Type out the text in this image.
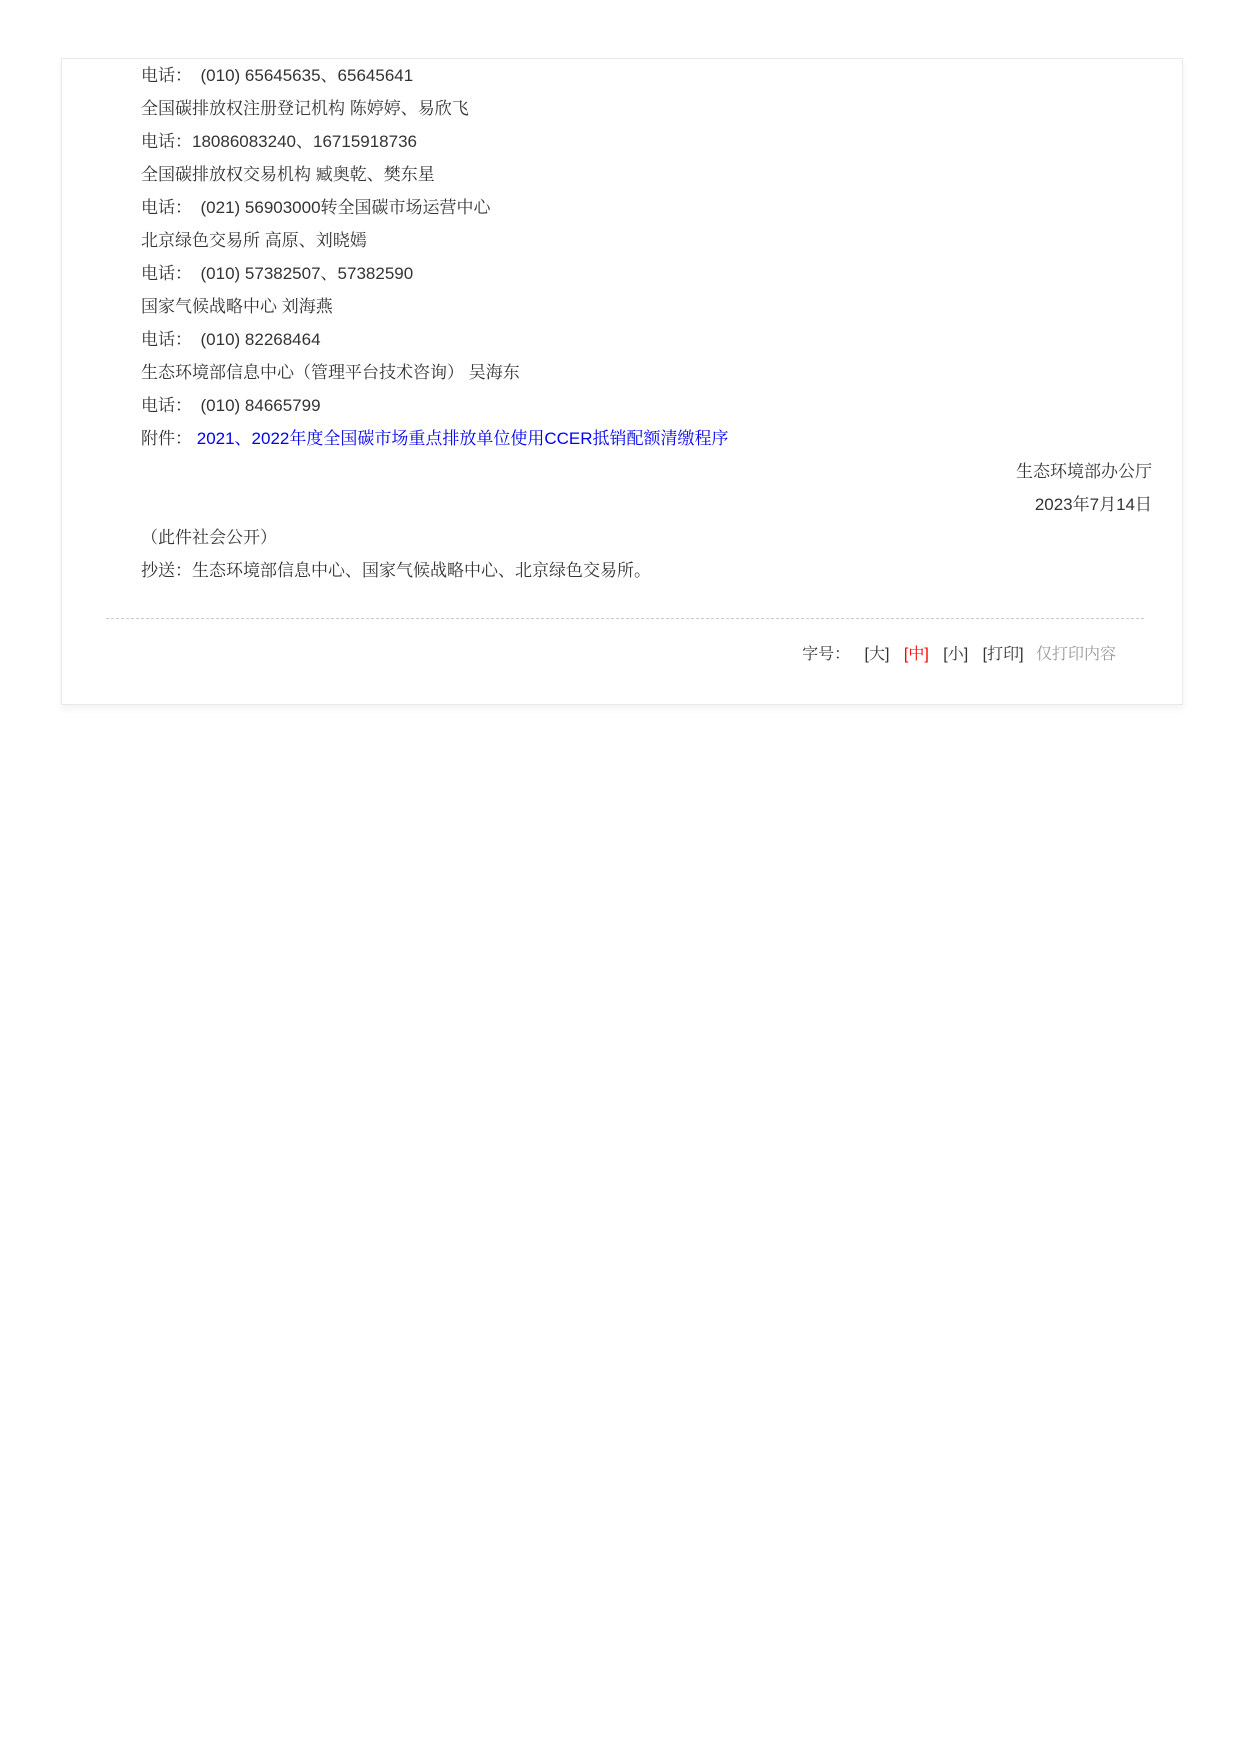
电话：　(010) 65645635、65645641

全国碳排放权注册登记机构 陈婷婷、易欣飞

电话：18086083240、16715918736

全国碳排放权交易机构 臧奥乾、樊东星

电话：　(021) 56903000转全国碳市场运营中心

北京绿色交易所 高原、刘晓嫣

电话：　(010) 57382507、57382590

国家气候战略中心 刘海燕

电话：　(010) 82268464

生态环境部信息中心（管理平台技术咨询） 吴海东

电话：　(010) 84665799

附件： 2021、2022年度全国碳市场重点排放单位使用CCER抵销配额清缴程序

生态环境部办公厅

2023年7月14日

（此件社会公开）

抄送：生态环境部信息中心、国家气候战略中心、北京绿色交易所。

字号： [大] [中] [小] [打印] 仅打印内容
